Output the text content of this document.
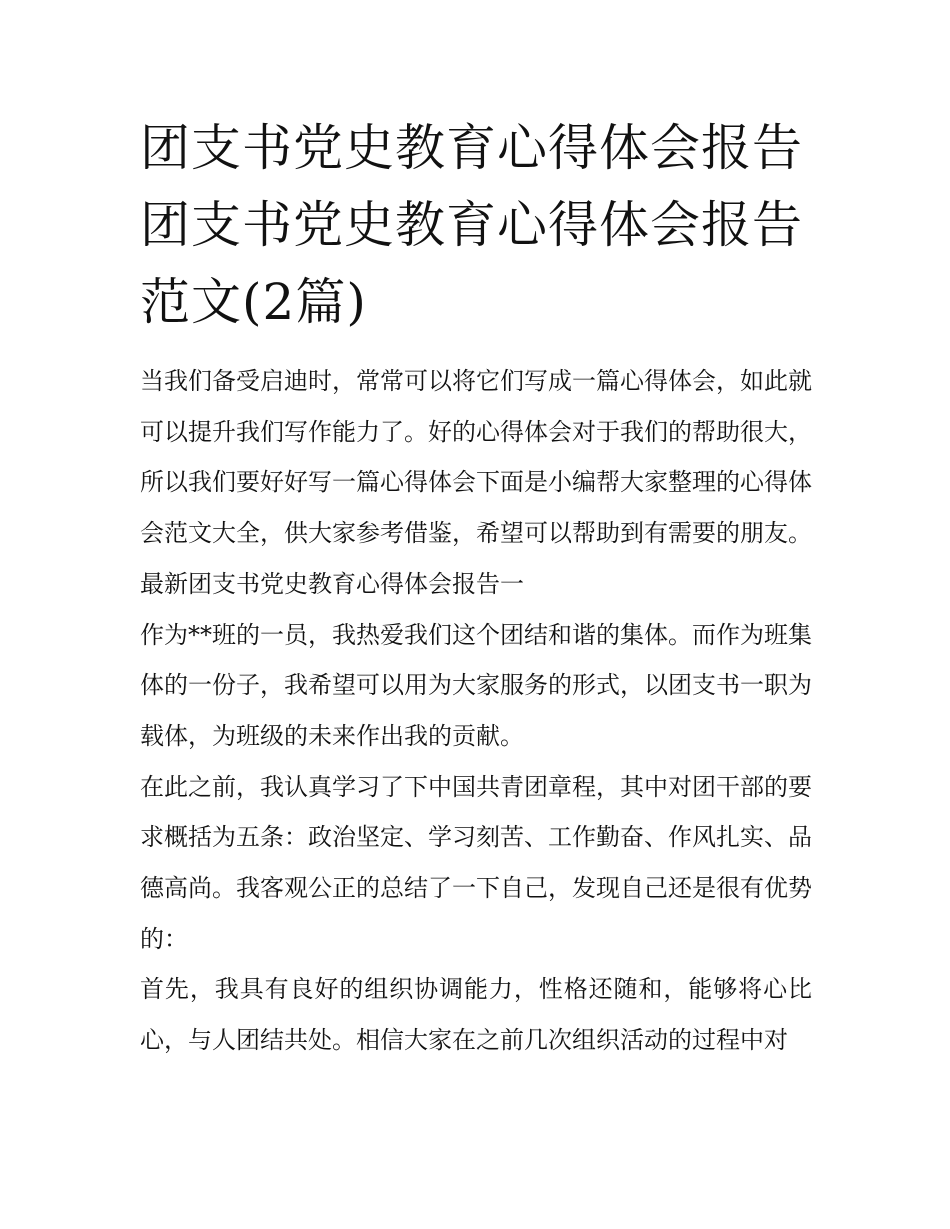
团支书党史教育心得体会报告
团支书党史教育心得体会报告
范文(2篇)

当我们备受启迪时，常常可以将它们写成一篇心得体会，如此就可以提升我们写作能力了。好的心得体会对于我们的帮助很大，所以我们要好好写一篇心得体会下面是小编帮大家整理的心得体会范文大全，供大家参考借鉴，希望可以帮助到有需要的朋友。

最新团支书党史教育心得体会报告一

作为**班的一员，我热爱我们这个团结和谐的集体。而作为班集体的一份子，我希望可以用为大家服务的形式，以团支书一职为载体，为班级的未来作出我的贡献。

在此之前，我认真学习了下中国共青团章程，其中对团干部的要求概括为五条：政治坚定、学习刻苦、工作勤奋、作风扎实、品德高尚。我客观公正的总结了一下自己，发现自己还是很有优势的：

首先，我具有良好的组织协调能力，性格还随和，能够将心比心，与人团结共处。相信大家在之前几次组织活动的过程中对
